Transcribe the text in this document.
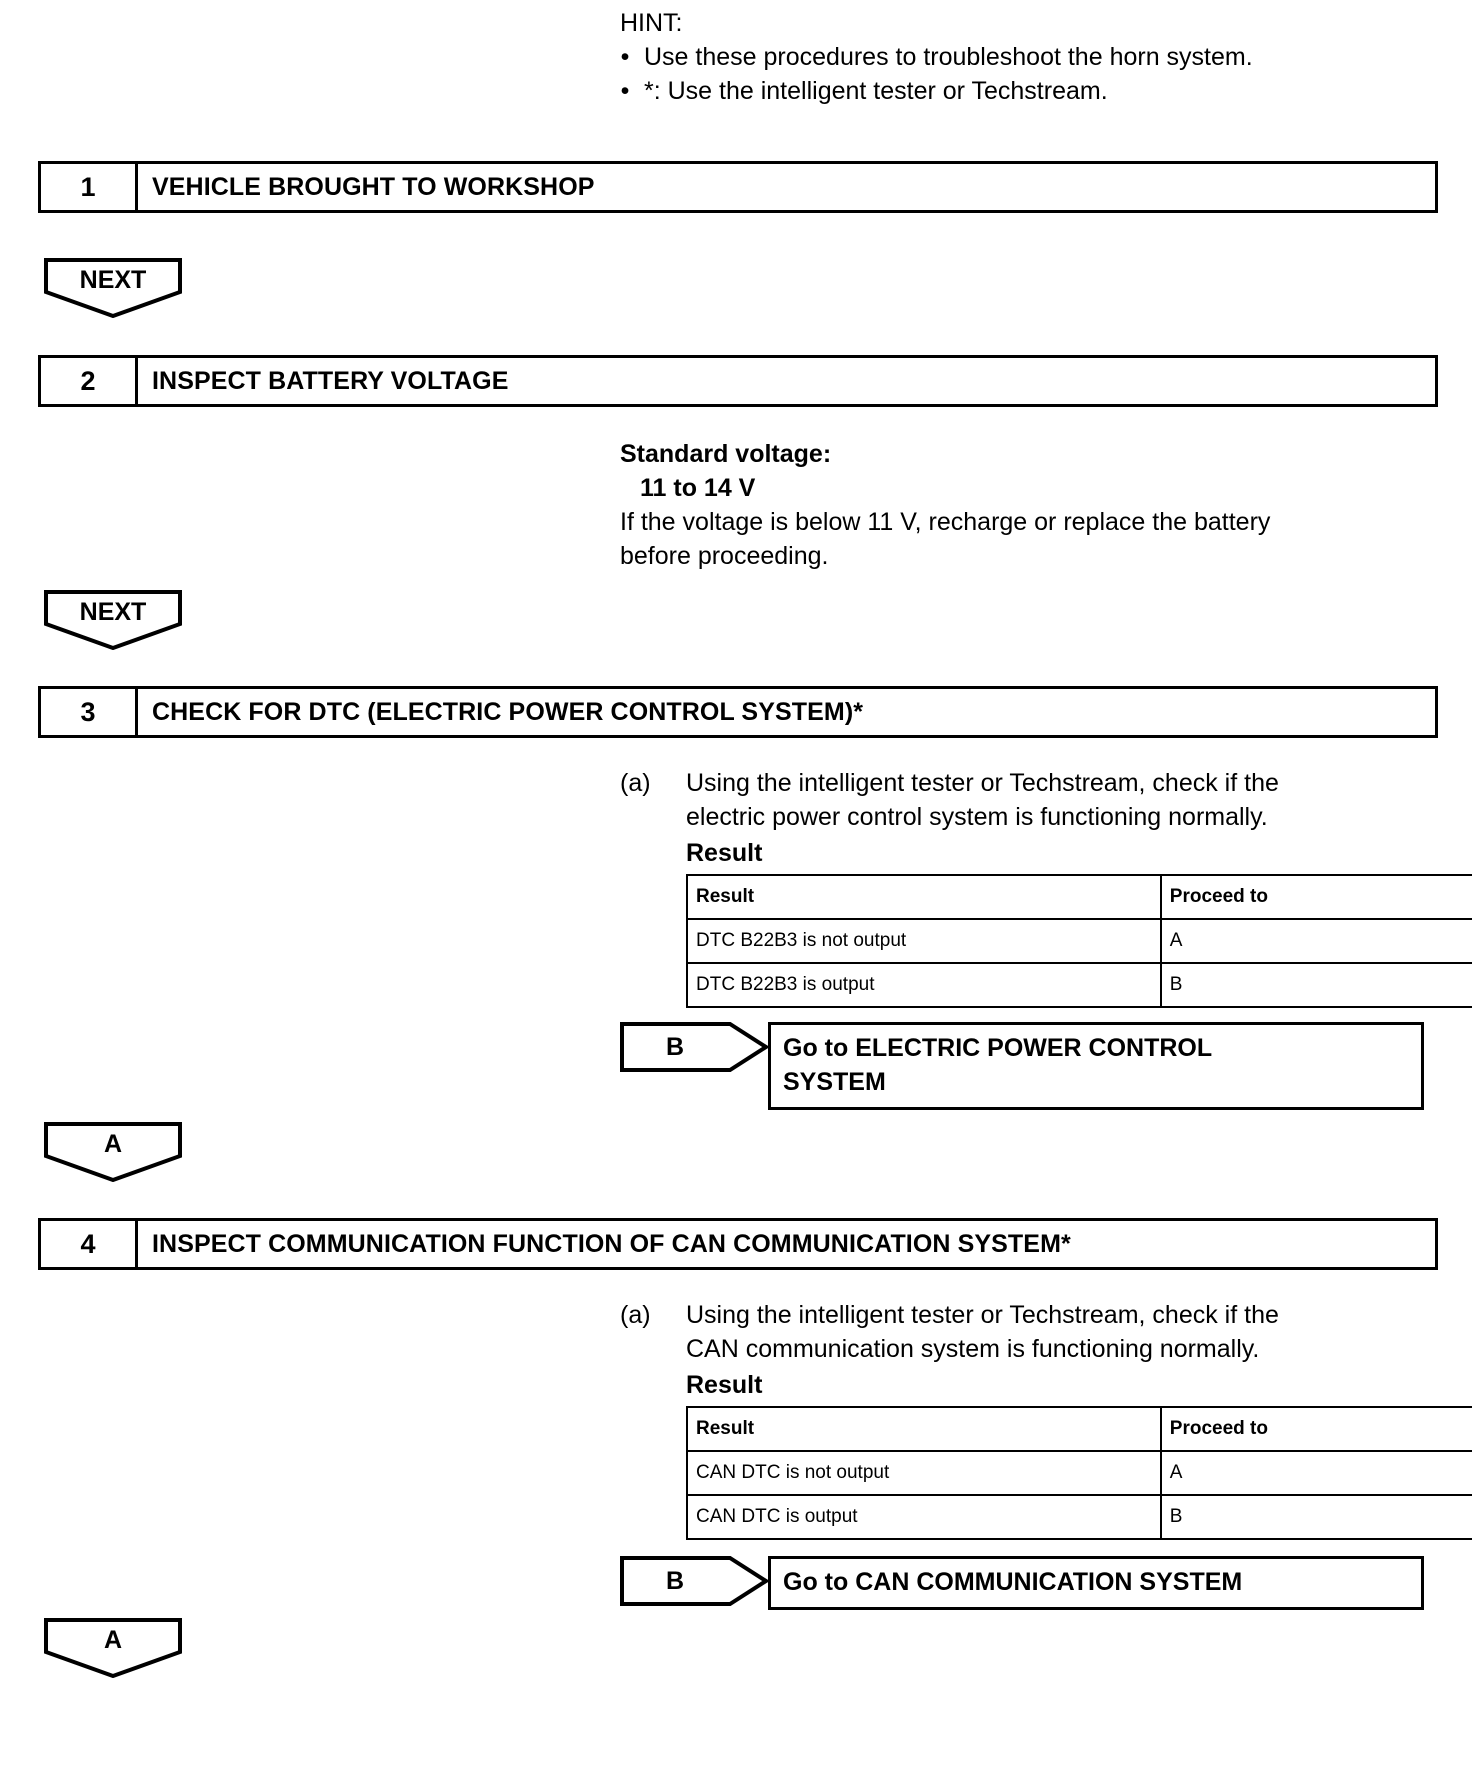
HINT:
• Use these procedures to troubleshoot the horn system.
• *: Use the intelligent tester or Techstream.
1	VEHICLE BROUGHT TO WORKSHOP
NEXT
2	INSPECT BATTERY VOLTAGE
Standard voltage:
11 to 14 V
If the voltage is below 11 V, recharge or replace the battery
before proceeding.
NEXT
3	CHECK FOR DTC (ELECTRIC POWER CONTROL SYSTEM)*
(a)	Using the intelligent tester or Techstream, check if the
electric power control system is functioning normally.
Result
Result	Proceed to
DTC B22B3 is not output	A
DTC B22B3 is output	B
B	Go to ELECTRIC POWER CONTROL
SYSTEM
A
4	INSPECT COMMUNICATION FUNCTION OF CAN COMMUNICATION SYSTEM*
(a)	Using the intelligent tester or Techstream, check if the
CAN communication system is functioning normally.
Result
Result	Proceed to
CAN DTC is not output	A
CAN DTC is output	B
B	Go to CAN COMMUNICATION SYSTEM
A
